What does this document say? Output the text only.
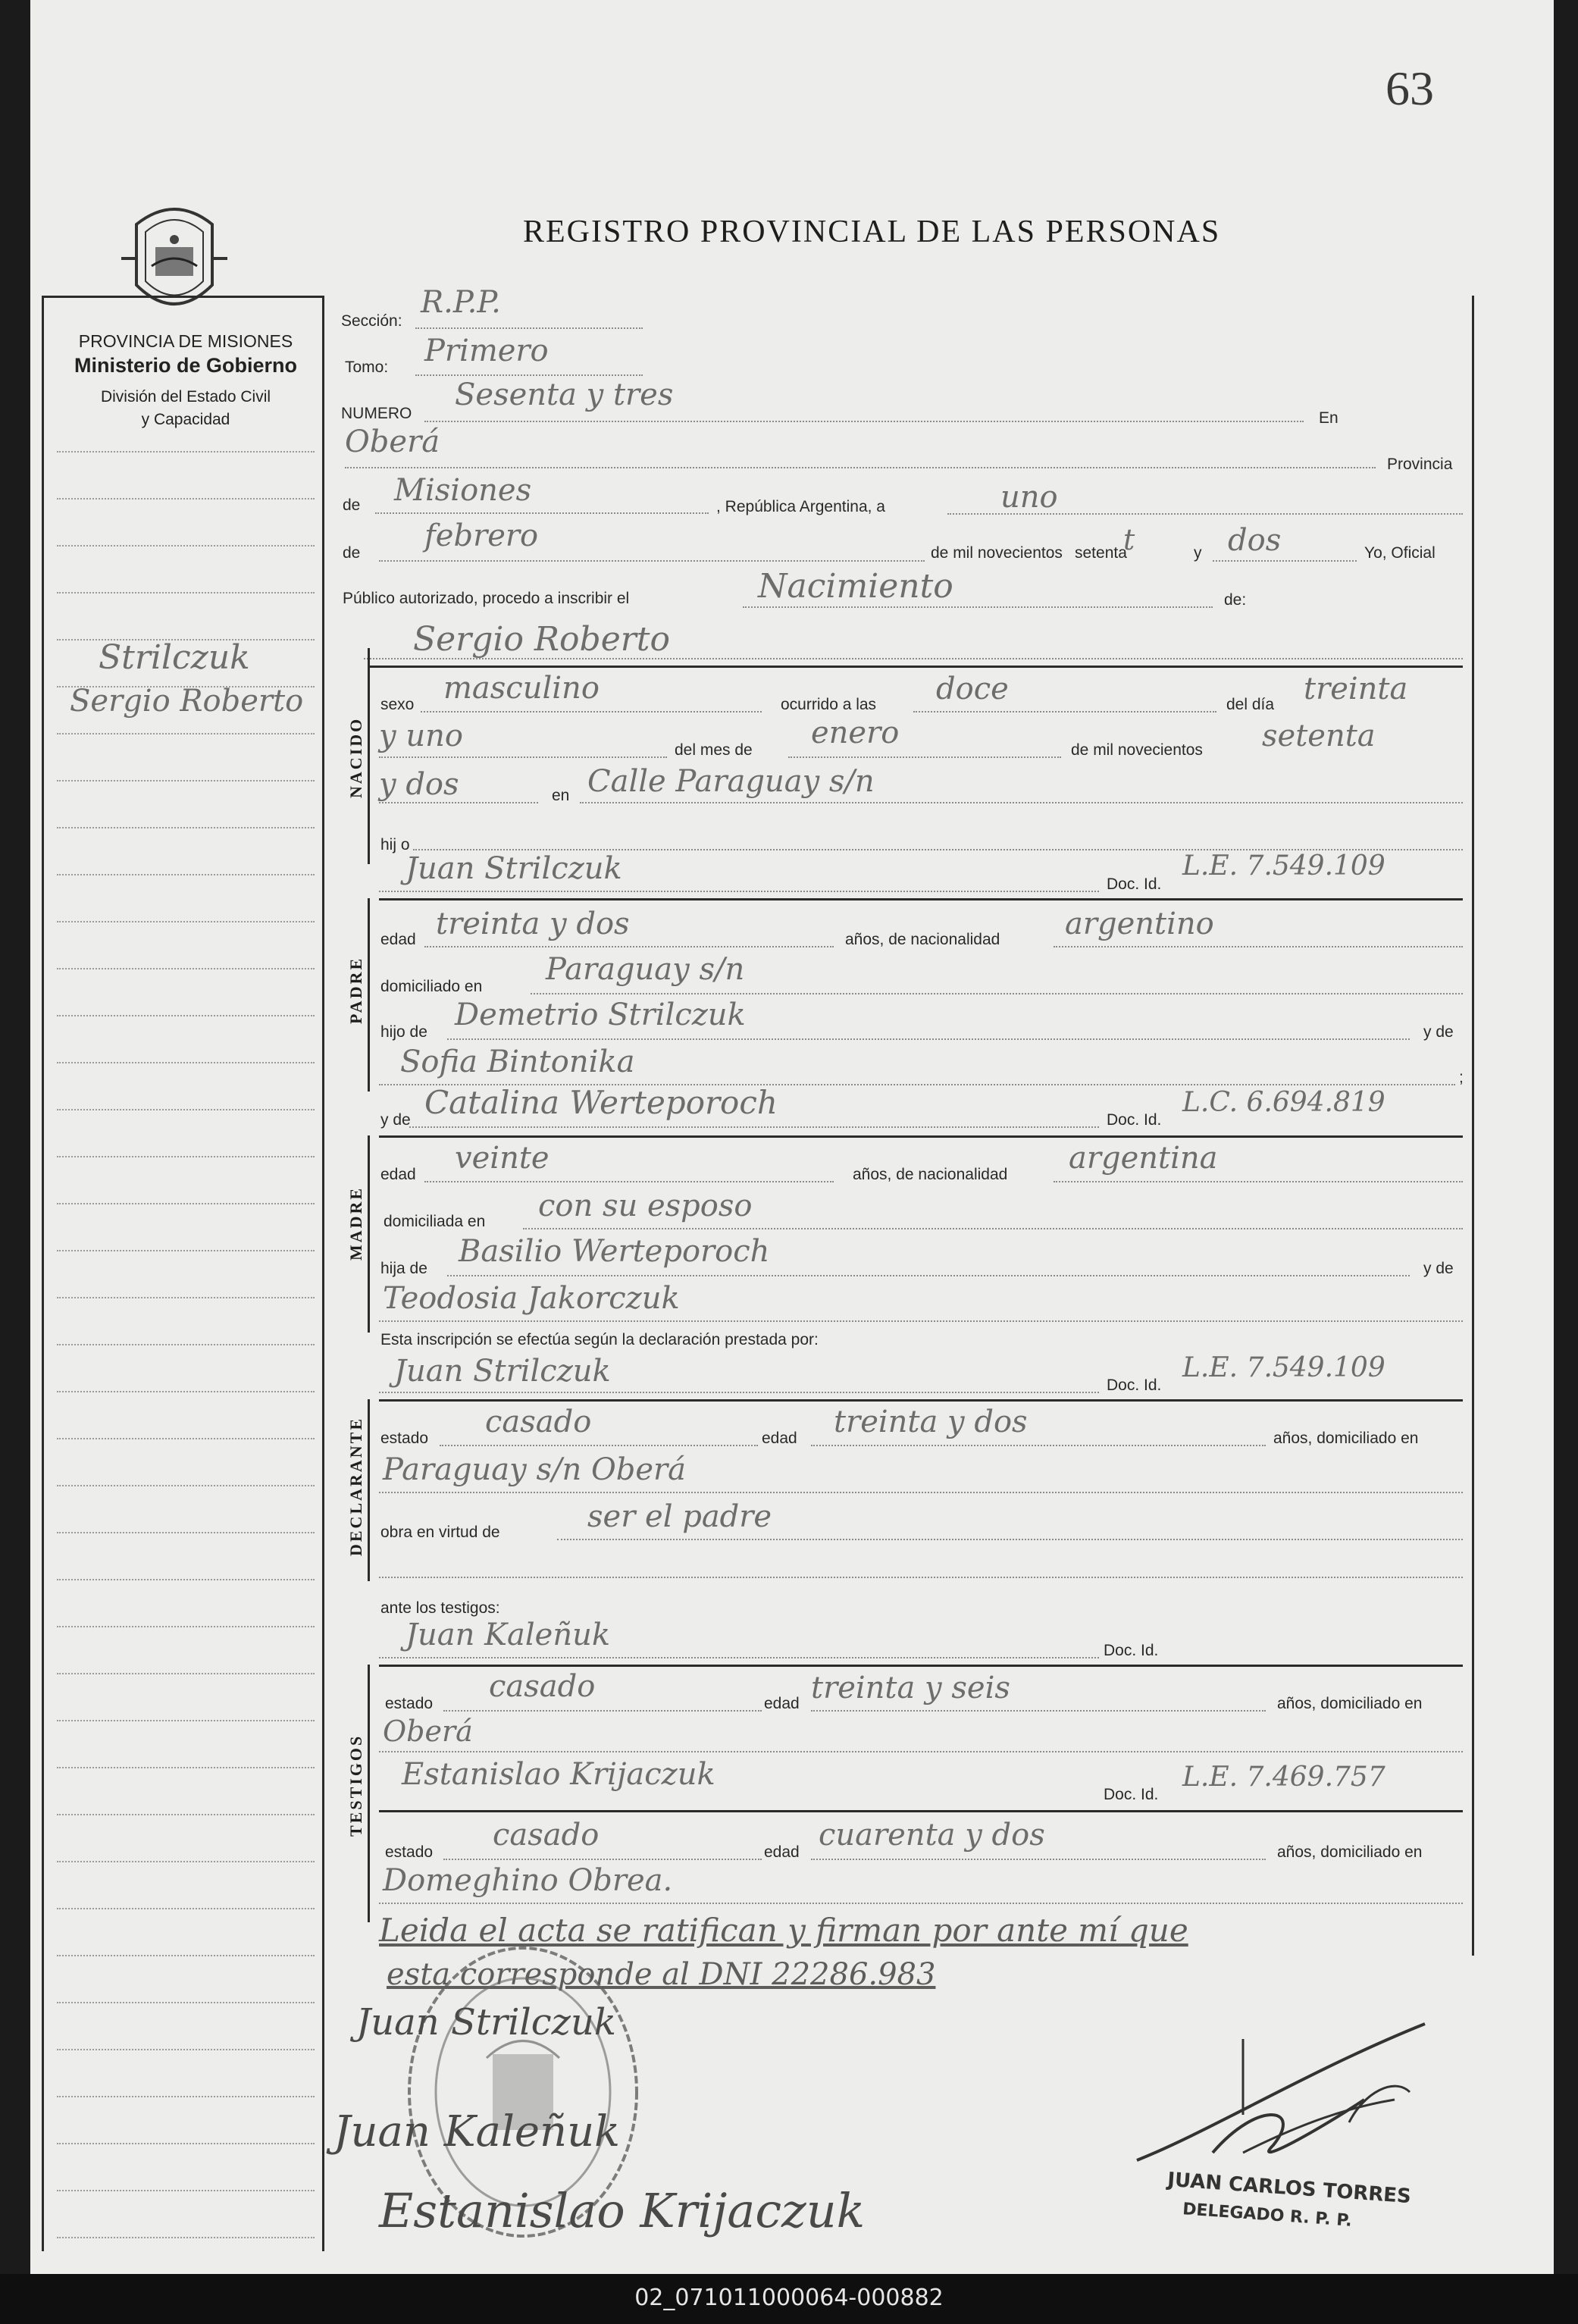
63
PROVINCIA DE MISIONES
Ministerio de Gobierno
División del Estado Civil
y Capacidad
REGISTRO PROVINCIAL DE LAS PERSONAS
Strilczuk
Sergio Roberto
Sección:
R.P.P.
Tomo: Primero
NUMERO
Sesenta y tres
En
Oberá
Provincia
de Misiones	, República Argentina, a	uno
de febrero	de mil novecientos setenta
t	y dos	Yo, Oficial
Público autorizado, procedo a inscribir el	Nacimiento	de:
Sergio Roberto
NACIDO
sexo masculino	ocurrido a las doce	del día treinta
y uno	del mes de enero	de mil novecientos setenta
y dos	en Calle Paraguay s/n
hij o
Juan Strilczuk	Doc. Id.
L.E. 7.549.109
PADRE
edad treinta y dos	años, de nacionalidad argentino
domiciliado en Paraguay s/n
hijo de Demetrio Strilczuk	y de
Sofia Bintonika	;
y de Catalina Werteporoch	Doc. Id.
L.C. 6.694.819
MADRE
edad veinte	años, de nacionalidad argentina
domiciliada en con su esposo
hija de Basilio Werteporoch	y de
Teodosia Jakorczuk
Esta inscripción se efectúa según la declaración prestada por:
Juan Strilczuk	Doc. Id.
L.E. 7.549.109
DECLARANTE estado casado	edad treinta y dos	años, domiciliado en
Paraguay s/n Oberá
obra en virtud de	ser el padre
ante los testigos:
Juan Kaleñuk	Doc. Id.
TESTIGOS
estado casado	edad treinta y seis	años, domiciliado en
Oberá
Estanislao Krijaczuk
Doc. Id.
L.E. 7.469.757
estado casado	edad cuarenta y dos	años, domiciliado en
Domeghino Obrea.
Leida el acta se ratifican y firman por ante mí que
esta corresponde al DNI 22286.983
Juan Strilczuk
Juan Kaleñuk
Estanislao Krijaczuk	JUAN CARLOS TORRES
DELEGADO R. P. P.
02_071011000064-000882
